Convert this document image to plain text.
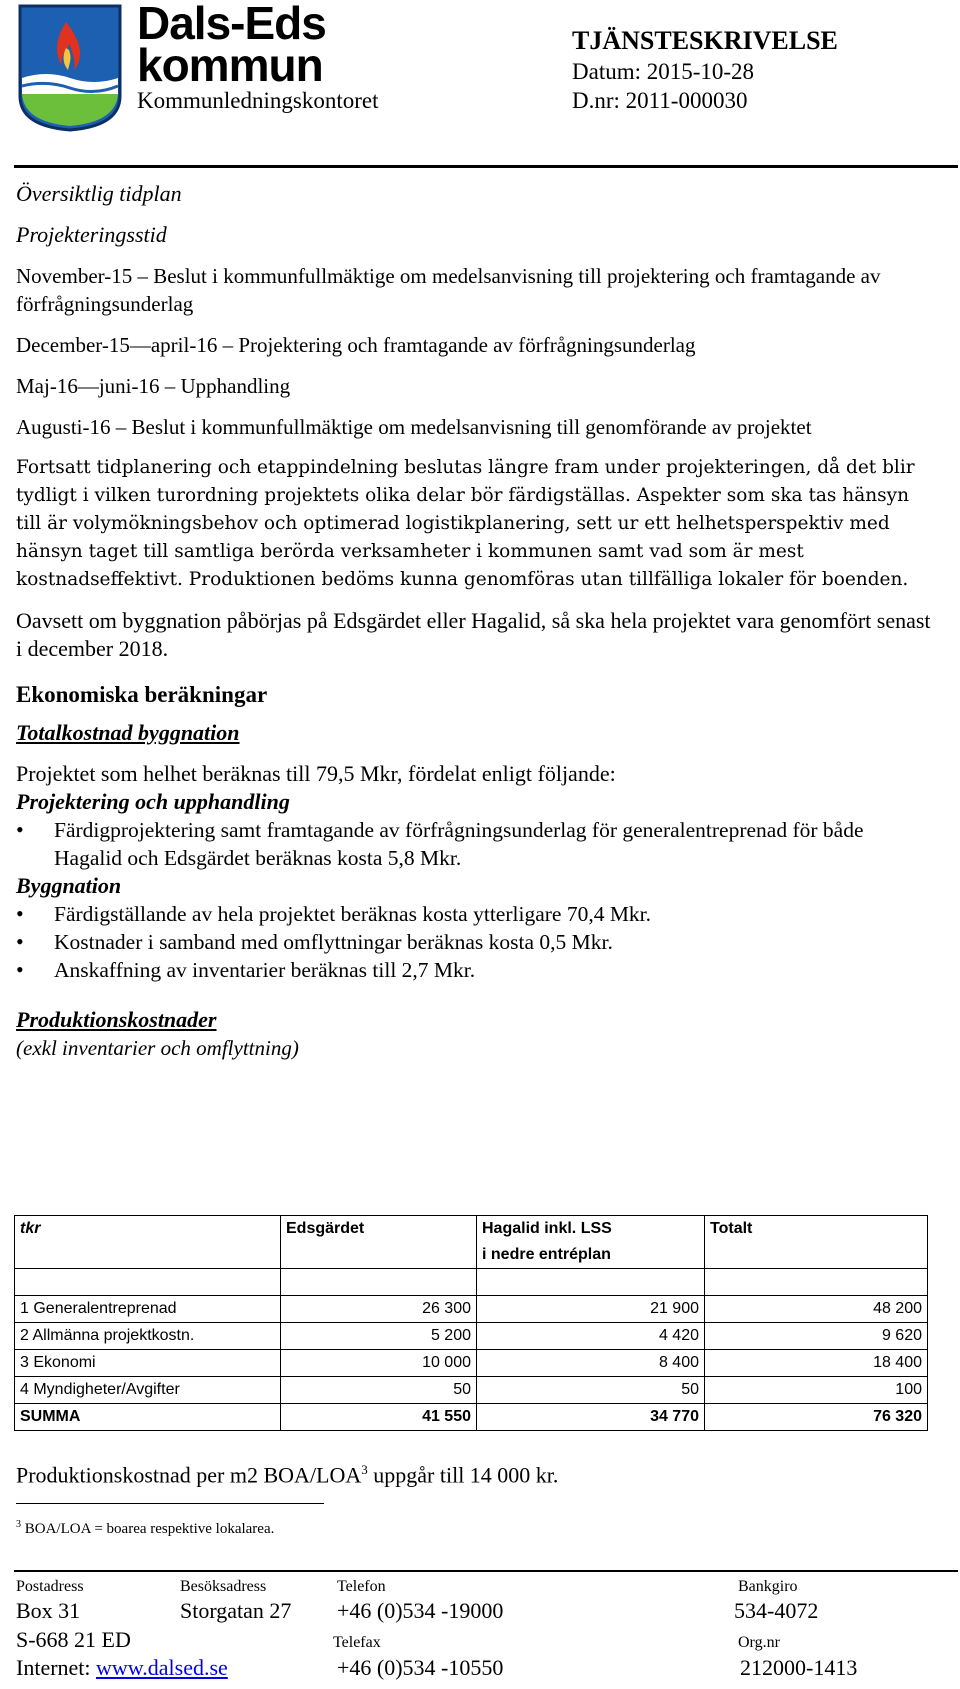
Dals-Eds
kommun
Kommunledningskontoret
TJÄNSTESKRIVELSE
Datum: 2015-10-28
D.nr: 2011-000030

Översiktlig tidplan

Projekteringsstid

November-15 – Beslut i kommunfullmäktige om medelsanvisning till projektering och framtagande av förfrågningsunderlag

December-15—april-16 – Projektering och framtagande av förfrågningsunderlag

Maj-16—juni-16 – Upphandling

Augusti-16 – Beslut i kommunfullmäktige om medelsanvisning till genomförande av projektet

Fortsatt tidplanering och etappindelning beslutas längre fram under projekteringen, då det blir tydligt i vilken turordning projektets olika delar bör färdigställas. Aspekter som ska tas hänsyn till är volymökningsbehov och optimerad logistikplanering, sett ur ett helhetsperspektiv med hänsyn taget till samtliga berörda verksamheter i kommunen samt vad som är mest kostnadseffektivt. Produktionen bedöms kunna genomföras utan tillfälliga lokaler för boenden.

Oavsett om byggnation påbörjas på Edsgärdet eller Hagalid, så ska hela projektet vara genomfört senast i december 2018.

Ekonomiska beräkningar

Totalkostnad byggnation

Projektet som helhet beräknas till 79,5 Mkr, fördelat enligt följande:

Projektering och upphandling

• Färdigprojektering samt framtagande av förfrågningsunderlag för generalentreprenad för både Hagalid och Edsgärdet beräknas kosta 5,8 Mkr.

Byggnation

• Färdigställande av hela projektet beräknas kosta ytterligare 70,4 Mkr.
• Kostnader i samband med omflyttningar beräknas kosta 0,5 Mkr.
• Anskaffning av inventarier beräknas till 2,7 Mkr.

Produktionskostnader

(exkl inventarier och omflyttning)

tkr	Edsgärdet	Hagalid inkl. LSS	Totalt
		i nedre entréplan	

1 Generalentreprenad	26 300	21 900	48 200
2 Allmänna projektkostn.	5 200	4 420	9 620
3 Ekonomi	10 000	8 400	18 400
4 Myndigheter/Avgifter	50	50	100
SUMMA	41 550	34 770	76 320
Produktionskostnad per m2 BOA/LOA$^3$ uppgår till 14 000 kr.
$^3$ BOA/LOA = boarea respektive lokalarea.
Postadress	Besöksadress	Telefon	Bankgiro
Box 31	Storgatan 27 +46 (0)534 -19000	534-4072
S-668 21 ED	Telefax	Org.nr
Internet: www.dalsed.se	+46 (0)534 -10550	212000-1413
